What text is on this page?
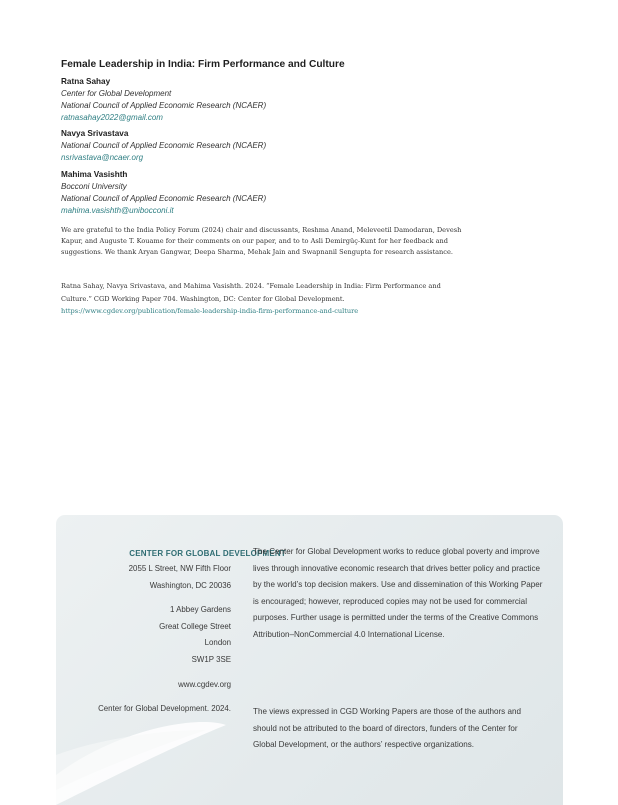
Female Leadership in India: Firm Performance and Culture
Ratna Sahay
Center for Global Development
National Council of Applied Economic Research (NCAER)
ratnasahay2022@gmail.com
Navya Srivastava
National Council of Applied Economic Research (NCAER)
nsrivastava@ncaer.org
Mahima Vasishth
Bocconi University
National Council of Applied Economic Research (NCAER)
mahima.vasishth@unibocconi.it
We are grateful to the India Policy Forum (2024) chair and discussants, Reshma Anand, Meleveetil Damodaran, Devesh Kapur, and Auguste T. Kouame for their comments on our paper, and to to Asli Demirgüç-Kunt for her feedback and suggestions. We thank Aryan Gangwar, Deepa Sharma, Mehak Jain and Swapnanil Sengupta for research assistance.
Ratna Sahay, Navya Srivastava, and Mahima Vasishth. 2024. “Female Leadership in India: Firm Performance and Culture.” CGD Working Paper 704. Washington, DC: Center for Global Development. https://www.cgdev.org/publication/female-leadership-india-firm-performance-and-culture
CENTER FOR GLOBAL DEVELOPMENT
2055 L Street, NW Fifth Floor
Washington, DC 20036
1 Abbey Gardens
Great College Street
London
SW1P 3SE
www.cgdev.org
Center for Global Development. 2024.
The Center for Global Development works to reduce global poverty and improve lives through innovative economic research that drives better policy and practice by the world’s top decision makers. Use and dissemination of this Working Paper is encouraged; however, reproduced copies may not be used for commercial purposes. Further usage is permitted under the terms of the Creative Commons Attribution–NonCommercial 4.0 International License.
The views expressed in CGD Working Papers are those of the authors and should not be attributed to the board of directors, funders of the Center for Global Development, or the authors’ respective organizations.
